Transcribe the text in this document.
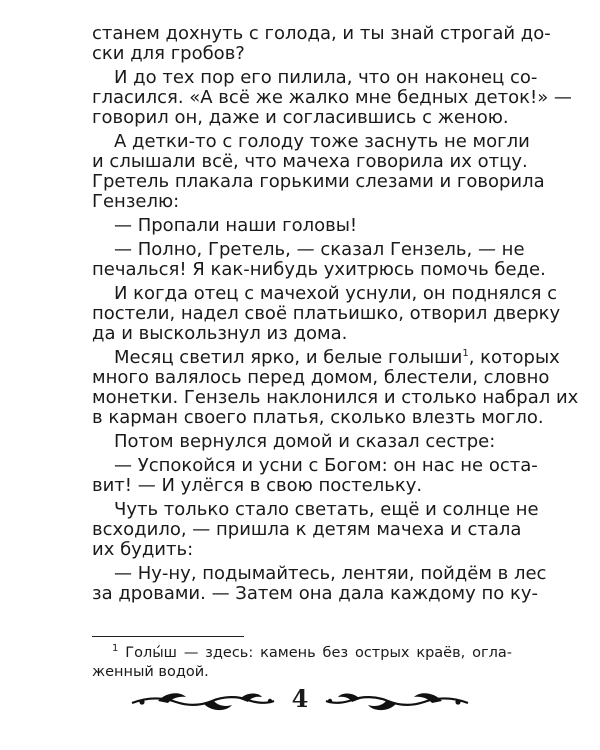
станем дохнуть с голода, и ты знай строгай до-
ски для гробов?
И до тех пор его пилила, что он наконец со-
гласился. «А всё же жалко мне бедных деток!» —
говорил он, даже и согласившись с женою.
А детки-то с голоду тоже заснуть не могли
и слышали всё, что мачеха говорила их отцу.
Гретель плакала горькими слезами и говорила
Гензелю:
— Пропали наши головы!
— Полно, Гретель, — сказал Гензель, — не
печалься! Я как-нибудь ухитрюсь помочь беде.
И когда отец с мачехой уснули, он поднялся с
постели, надел своё платьишко, отворил дверку
да и выскользнул из дома.
Месяц светил ярко, и белые голыши$^1$, которых
много валялось перед домом, блестели, словно
монетки. Гензель наклонился и столько набрал их
в карман своего платья, сколько влезть могло.
Потом вернулся домой и сказал сестре:
— Успокойся и усни с Богом: он нас не оста-
вит! — И улёгся в свою постельку.
Чуть только стало светать, ещё и солнце не
всходило, — пришла к детям мачеха и стала
их будить:
— Ну-ну, подымайтесь, лентяи, пойдём в лес
за дровами. — Затем она дала каждому по ку-
$^1$ Голы́ш — здесь: камень без острых краёв, огла-
женный водой.
4
